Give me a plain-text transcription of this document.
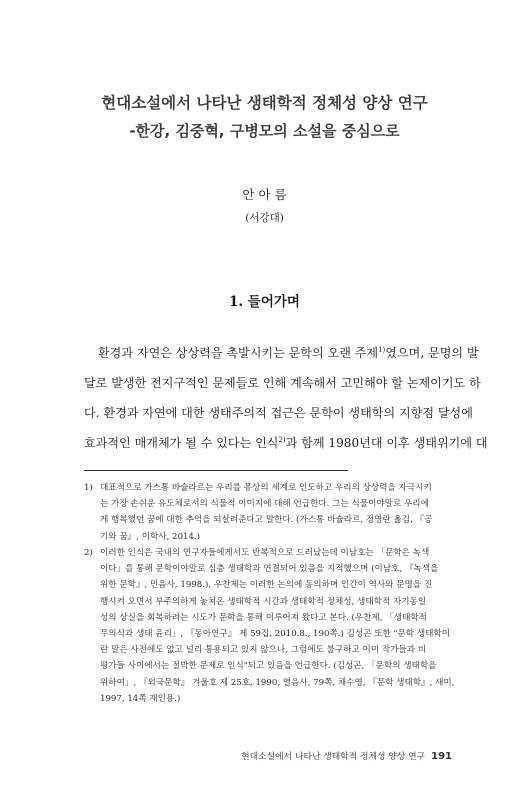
현대소설에서 나타난 생태학적 정체성 양상 연구
-한강, 김중혁, 구병모의 소설을 중심으로

안 아 름

(서강대)

1. 들어가며
환경과 자연은 상상력을 촉발시키는 문학의 오랜 주제$^{1)}$였으며, 문명의 발
달로 발생한 전지구적인 문제들로 인해 계속해서 고민해야 할 논제이기도 하
다. 환경과 자연에 대한 생태주의적 접근은 문학이 생태학의 지향점 달성에
효과적인 매개체가 될 수 있다는 인식$^{2)}$과 함께 1980년대 이후 생태위기에 대
1) 대표적으로 가스통 바슐라르는 우리를 몽상의 세계로 인도하고 우리의 상상력을 자극시키
는 가장 손쉬운 유도체로서의 식물적 이미지에 대해 언급한다. 그는 식물이야말로 우리에
게 행복했던 꿈에 대한 추억을 되살려준다고 말한다. (가스통 바슐라르, 정영란 옮김, 『공
기와 꿈』, 이학사, 2014.)
2) 이러한 인식은 국내의 연구자들에게서도 반복적으로 드러났는데 이남호는 「문학은 녹색
이다」를 통해 문학이야말로 심층 생태학과 연결되어 있음을 지적했으며 (이남호, 『녹색을
위한 문학』, 민음사, 1998.), 우찬제는 이러한 논의에 동의하며 인간이 역사와 문명을 진
행시켜 오면서 부주의하게 놓쳐온 생태학적 시간과 생태학적 정체성, 생태학적 자기동일
성의 상실을 회복하려는 시도가 문학을 통해 이루어져 왔다고 본다. (우찬제, 「생태학적
무의식과 생태 윤리」, 『동아연구』 제 59집, 2010.8., 190쪽.) 김성곤 또한 "문학 생태학이
란 말은 사전에도 없고 널리 통용되고 있지 않으나, 그럼에도 불구하고 이미 작가들과 비
평가들 사이에서는 절박한 문제로 인식"되고 있음을 언급한다. (김성곤, 「문학의 생태학을
위하여」, 『외국문학』 겨울호 제 25호, 1990, 열음사, 79쪽, 채수영, 『문학 생태학』, 새미,
1997, 14쪽 재인용.)
현대소설에서 나타난 생태학적 정체성 양상 연구 191
